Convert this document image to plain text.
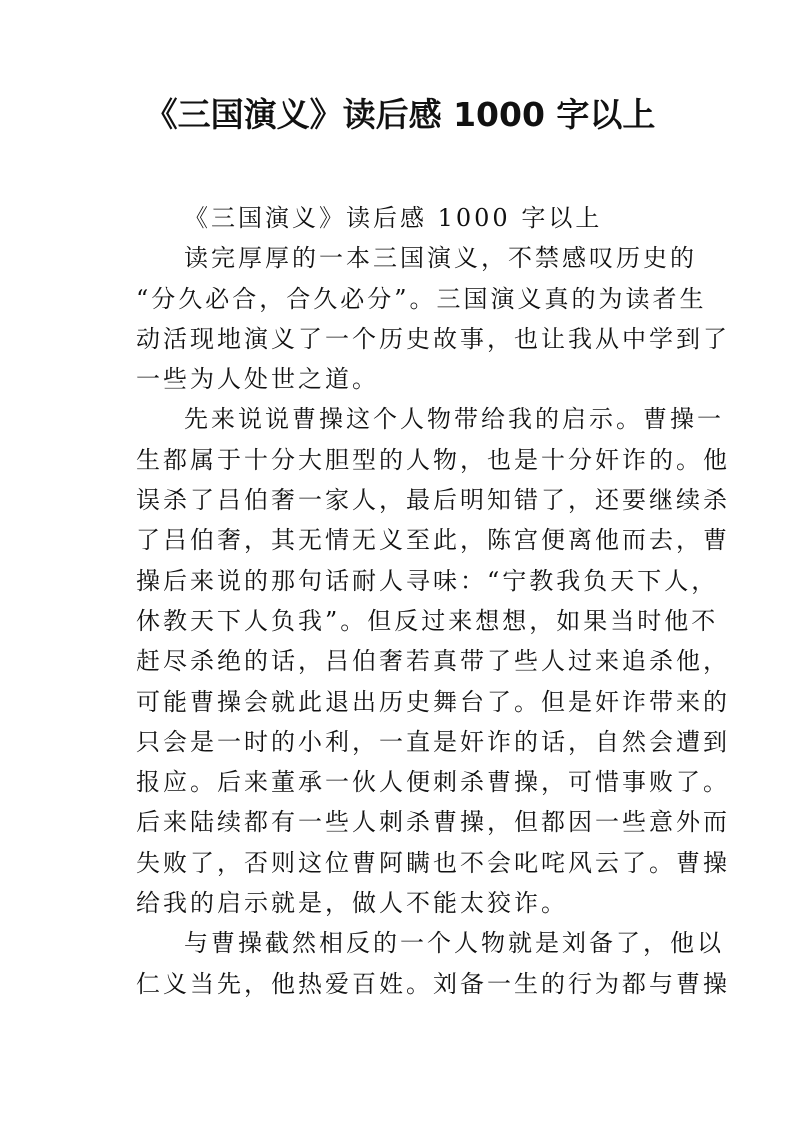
《三国演义》读后感 1000 字以上
《三国演义》读后感 1000 字以上
读完厚厚的一本三国演义，不禁感叹历史的
“分久必合，合久必分”。三国演义真的为读者生
动活现地演义了一个历史故事，也让我从中学到了
一些为人处世之道。
先来说说曹操这个人物带给我的启示。曹操一
生都属于十分大胆型的人物，也是十分奸诈的。他
误杀了吕伯奢一家人，最后明知错了，还要继续杀
了吕伯奢，其无情无义至此，陈宫便离他而去，曹
操后来说的那句话耐人寻味：“宁教我负天下人，
休教天下人负我”。但反过来想想，如果当时他不
赶尽杀绝的话，吕伯奢若真带了些人过来追杀他，
可能曹操会就此退出历史舞台了。但是奸诈带来的
只会是一时的小利，一直是奸诈的话，自然会遭到
报应。后来董承一伙人便刺杀曹操，可惜事败了。
后来陆续都有一些人刺杀曹操，但都因一些意外而
失败了，否则这位曹阿瞒也不会叱咤风云了。曹操
给我的启示就是，做人不能太狡诈。
与曹操截然相反的一个人物就是刘备了，他以
仁义当先，他热爱百姓。刘备一生的行为都与曹操
